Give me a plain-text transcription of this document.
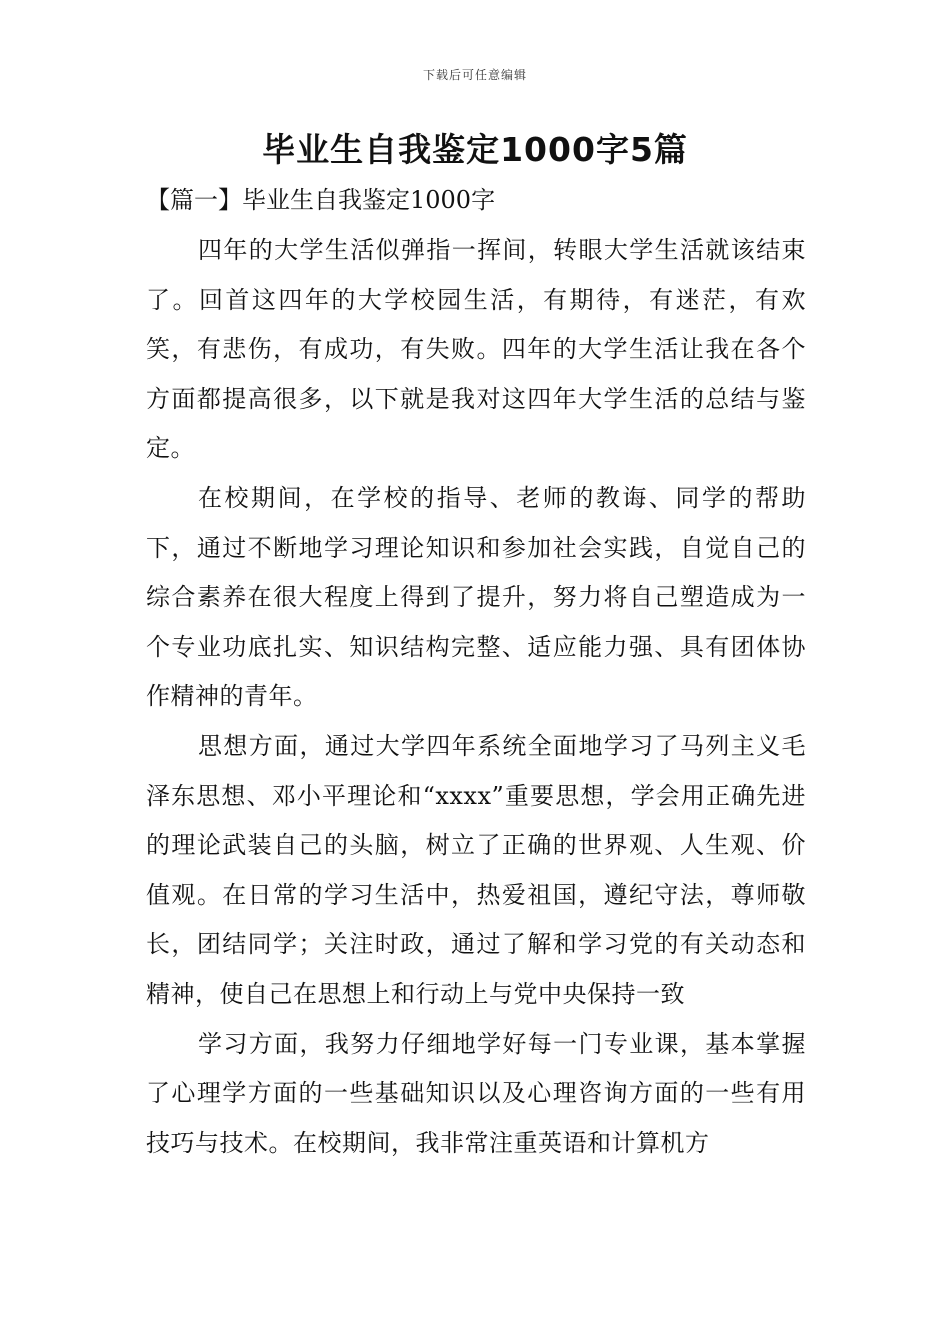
下载后可任意编辑
毕业生自我鉴定1000字5篇
【篇一】毕业生自我鉴定1000字

四年的大学生活似弹指一挥间，转眼大学生活就该结束了。回首这四年的大学校园生活，有期待，有迷茫，有欢笑，有悲伤，有成功，有失败。四年的大学生活让我在各个方面都提高很多，以下就是我对这四年大学生活的总结与鉴定。

在校期间，在学校的指导、老师的教诲、同学的帮助下，通过不断地学习理论知识和参加社会实践，自觉自己的综合素养在很大程度上得到了提升，努力将自己塑造成为一个专业功底扎实、知识结构完整、适应能力强、具有团体协作精神的青年。

思想方面，通过大学四年系统全面地学习了马列主义毛泽东思想、邓小平理论和“xxxx”重要思想，学会用正确先进的理论武装自己的头脑，树立了正确的世界观、人生观、价值观。在日常的学习生活中，热爱祖国，遵纪守法，尊师敬长，团结同学；关注时政，通过了解和学习党的有关动态和精神，使自己在思想上和行动上与党中央保持一致

学习方面，我努力仔细地学好每一门专业课，基本掌握了心理学方面的一些基础知识以及心理咨询方面的一些有用技巧与技术。在校期间，我非常注重英语和计算机方
